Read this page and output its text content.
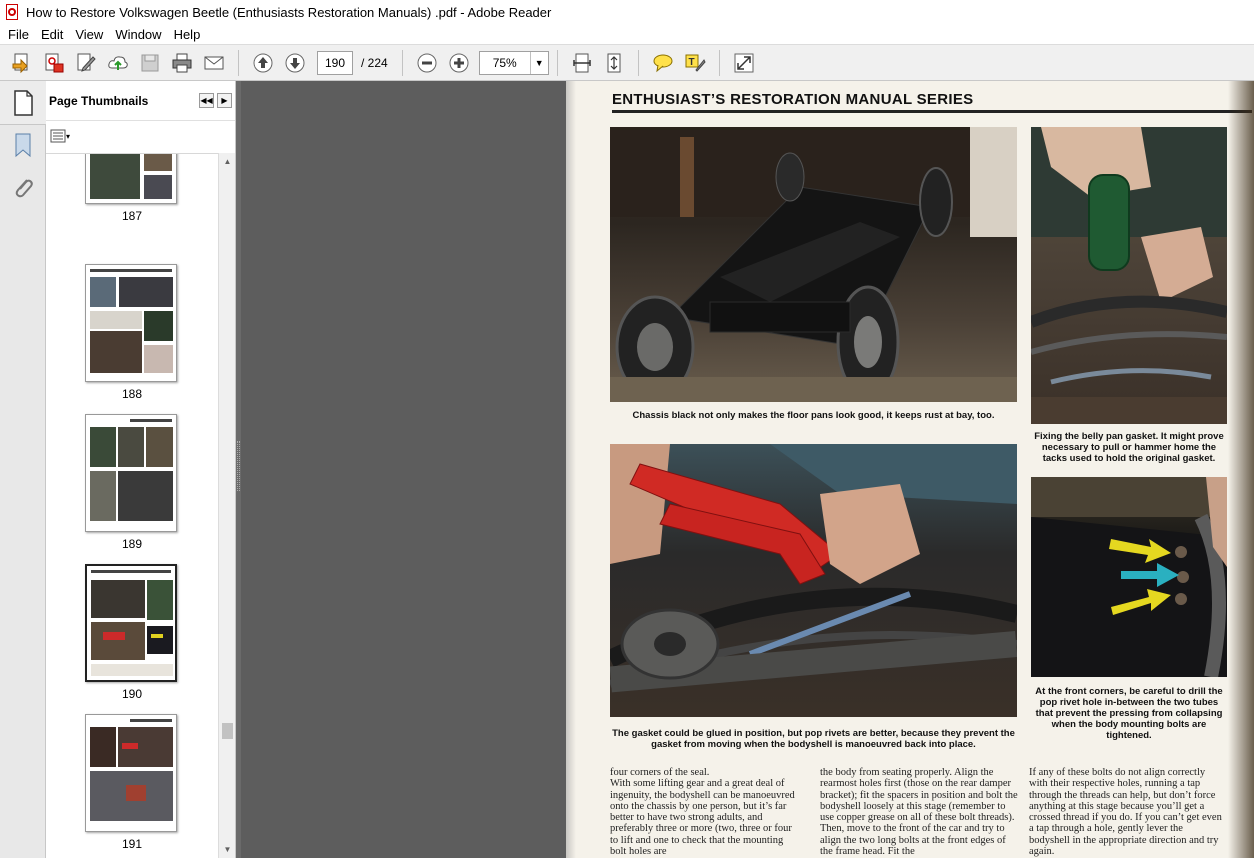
How to Restore Volkswagen Beetle (Enthusiasts Restoration Manuals) .pdf - Adobe Reader
File Edit View Window Help
190	/ 224	75%	▼	T
Page Thumbnails	◀◀	▶
▾
187
188
189
190
191
▲
▼
ENTHUSIAST’S RESTORATION MANUAL SERIES
Chassis black not only makes the floor pans look good, it keeps rust at bay, too.
Fixing the belly pan gasket. It might prove necessary to pull or hammer home the tacks used to hold the original gasket.
The gasket could be glued in position, but pop rivets are better, because they prevent the gasket from moving when the bodyshell is manoeuvred back into place.
At the front corners, be careful to drill the pop rivet hole in-between the two tubes that prevent the pressing from collapsing when the body mounting bolts are tightened.
four corners of the seal.
With some lifting gear and a great deal of ingenuity, the bodyshell can be manoeuvred onto the chassis by one person, but it’s far better to have two strong adults, and preferably three or more (two, three or four to lift and one to check that the mounting bolt holes are
the body from seating properly. Align the rearmost holes first (those on the rear damper bracket); fit the spacers in position and bolt the bodyshell loosely at this stage (remember to use copper grease on all of these bolt threads). Then, move to the front of the car and try to align the two long bolts at the front edges of the frame head. Fit the
If any of these bolts do not align correctly with their respective holes, running a tap through the threads can help, but don’t force anything at this stage because you’ll get a crossed thread if you do. If you can’t get even a tap through a hole, gently lever the bodyshell in the appropriate direction and try again.
